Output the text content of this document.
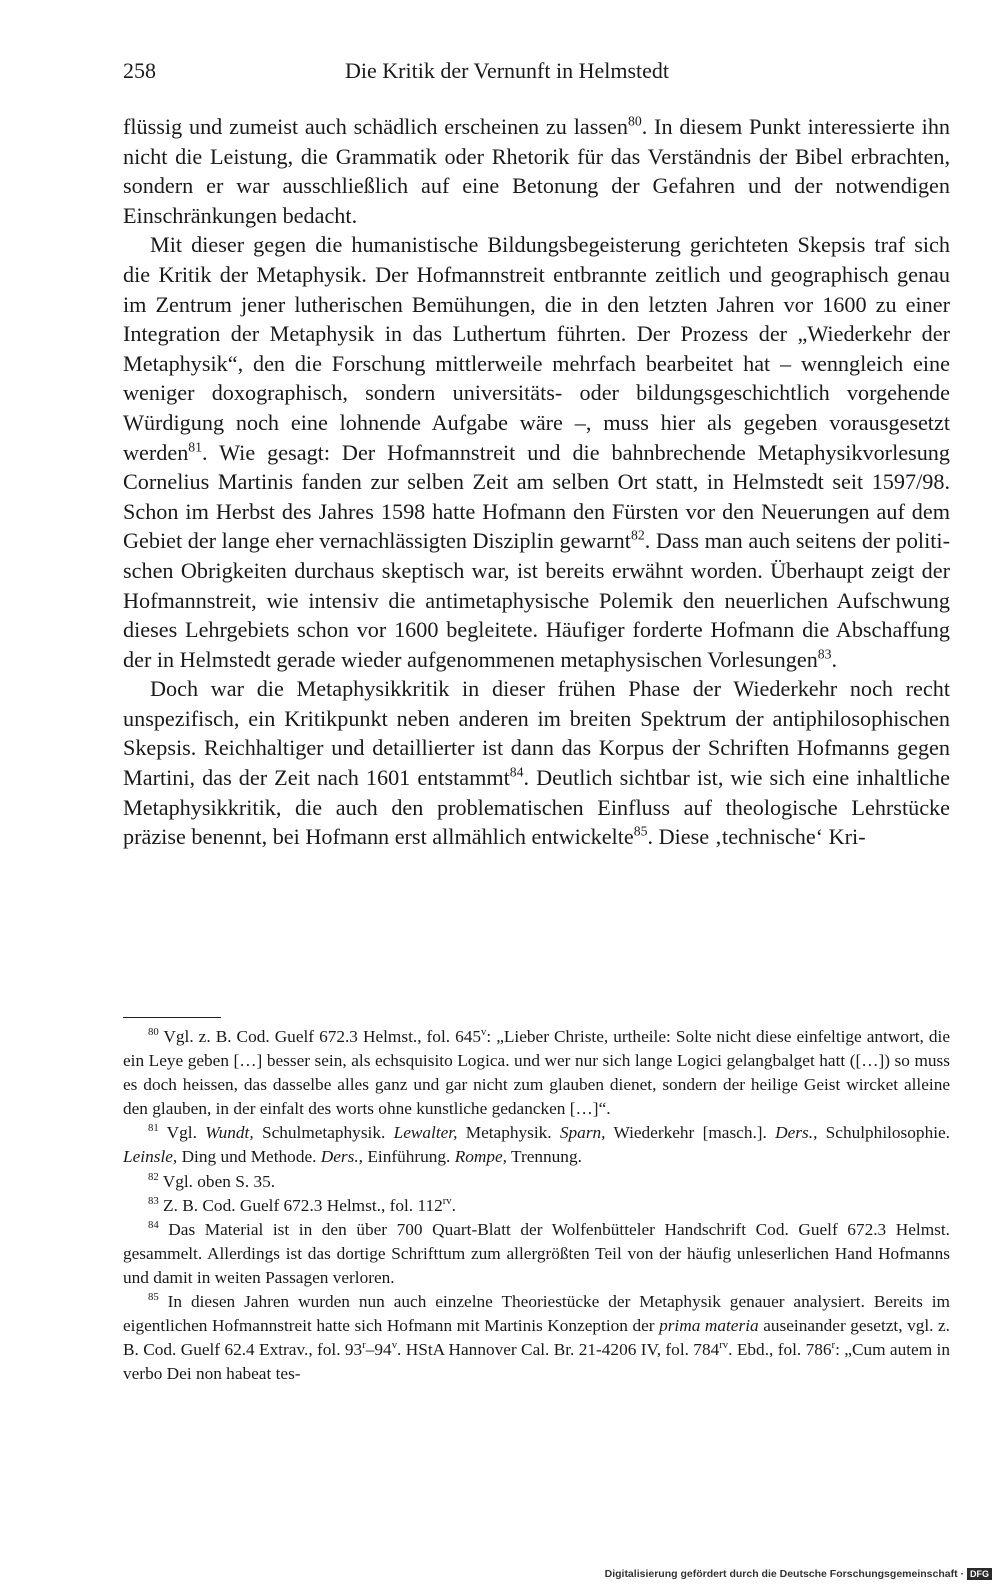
258	Die Kritik der Vernunft in Helmstedt

flüssig und zumeist auch schädlich erscheinen zu lassen$^{80}$. In diesem Punkt interessierte ihn nicht die Leistung, die Grammatik oder Rhetorik für das Verständnis der Bibel erbrachten, sondern er war ausschließlich auf eine Betonung der Gefahren und der notwendigen Einschränkungen bedacht.

Mit dieser gegen die humanistische Bildungsbegeisterung gerichteten Skepsis traf sich die Kritik der Metaphysik. Der Hofmannstreit entbrannte zeitlich und geographisch genau im Zentrum jener lutherischen Bemühungen, die in den letzten Jahren vor 1600 zu einer Integration der Metaphysik in das Luthertum führten. Der Prozess der „Wiederkehr der Metaphysik“, den die Forschung mittlerweile mehrfach bearbeitet hat – wenngleich eine weniger doxographisch, sondern universitäts- oder bildungsgeschichtlich vorgehende Würdigung noch eine lohnende Aufgabe wäre –, muss hier als gegeben vorausgesetzt werden$^{81}$. Wie gesagt: Der Hofmannstreit und die bahnbrechende Metaphysikvorlesung Cornelius Martinis fanden zur selben Zeit am selben Ort statt, in Helmstedt seit 1597/98. Schon im Herbst des Jahres 1598 hatte Hofmann den Fürsten vor den Neuerungen auf dem Gebiet der lange eher vernachlässigten Disziplin gewarnt$^{82}$. Dass man auch seitens der politischen Obrigkeiten durchaus skeptisch war, ist bereits erwähnt worden. Überhaupt zeigt der Hofmannstreit, wie intensiv die antimetaphysische Polemik den neuerlichen Aufschwung dieses Lehrgebiets schon vor 1600 begleitete. Häufiger forderte Hofmann die Abschaffung der in Helmstedt gerade wieder aufgenommenen metaphysischen Vorlesungen$^{83}$.

Doch war die Metaphysikkritik in dieser frühen Phase der Wiederkehr noch recht unspezifisch, ein Kritikpunkt neben anderen im breiten Spektrum der antiphilosophischen Skepsis. Reichhaltiger und detaillierter ist dann das Korpus der Schriften Hofmanns gegen Martini, das der Zeit nach 1601 entstammt$^{84}$. Deutlich sichtbar ist, wie sich eine inhaltliche Metaphysikkritik, die auch den problematischen Einfluss auf theologische Lehrstücke präzise benennt, bei Hofmann erst allmählich entwickelte$^{85}$. Diese ‚technische‘ Kri-

$^{80}$ Vgl. z. B. Cod. Guelf 672.3 Helmst., fol. 645$^v$: „Lieber Christe, urtheile: Solte nicht diese einfeltige antwort, die ein Leye geben […] besser sein, als echsquisito Logica. und wer nur sich lange Logici gelangbalget hatt ([…]) so muss es doch heissen, das dasselbe alles ganz und gar nicht zum glauben dienet, sondern der heilige Geist wircket alleine den glauben, in der einfalt des worts ohne kunstliche gedancken […]“.

$^{81}$ Vgl. Wundt, Schulmetaphysik. Lewalter, Metaphysik. Sparn, Wiederkehr [masch.]. Ders., Schulphilosophie. Leinsle, Ding und Methode. Ders., Einführung. Rompe, Trennung.

$^{82}$ Vgl. oben S. 35.

$^{83}$ Z. B. Cod. Guelf 672.3 Helmst., fol. $112^{rv}$.

$^{84}$ Das Material ist in den über 700 Quart-Blatt der Wolfenbütteler Handschrift Cod. Guelf 672.3 Helmst. gesammelt. Allerdings ist das dortige Schrifttum zum allergrößten Teil von der häufig unleserlichen Hand Hofmanns und damit in weiten Passagen verloren.

$^{85}$ In diesen Jahren wurden nun auch einzelne Theoriestücke der Metaphysik genauer analysiert. Bereits im eigentlichen Hofmannstreit hatte sich Hofmann mit Martinis Konzeption der prima materia auseinander gesetzt, vgl. z. B. Cod. Guelf 62.4 Extrav., fol. 93$^r$–94$^v$. HStA Hannover Cal. Br. 21-4206 IV, fol. $784^{rv}$. Ebd., fol. 786$^r$: „Cum autem in verbo Dei non habeat tes-

Digitalisierung gefördert durch die Deutsche Forschungsgemeinschaft · DFG
